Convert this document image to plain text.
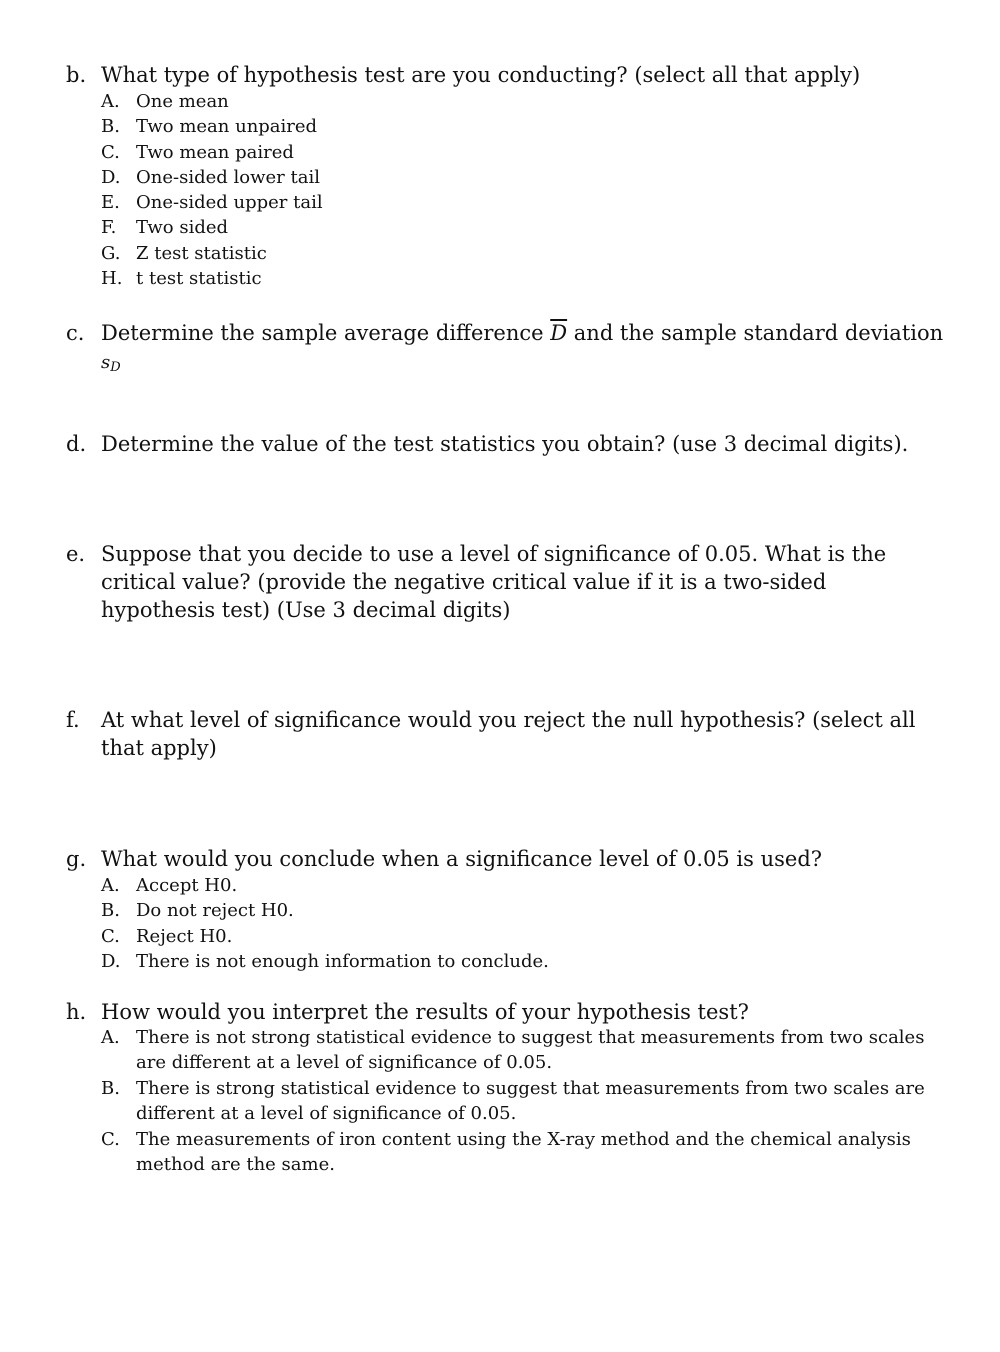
b. What type of hypothesis test are you conducting? (select all that apply)
A. One mean
B. Two mean unpaired
C. Two mean paired
D. One-sided lower tail
E. One-sided upper tail
F.	Two sided
G. Z test statistic
H. t test statistic
c. Determine the sample average difference $\overline{D}$ and the sample standard deviation $s_D$
d. Determine the value of the test statistics you obtain? (use 3 decimal digits).
e. Suppose that you decide to use a level of significance of 0.05. What is the critical value? (provide the negative critical value if it is a two-sided hypothesis test) (Use 3 decimal digits)
f.	At what level of significance would you reject the null hypothesis? (select all that apply)
g. What would you conclude when a significance level of 0.05 is used?
A. Accept H0.
B. Do not reject H0.
C. Reject H0.
D. There is not enough information to conclude.
h. How would you interpret the results of your hypothesis test?
A. There is not strong statistical evidence to suggest that measurements from two scales are different at a level of significance of 0.05.
B. There is strong statistical evidence to suggest that measurements from two scales are different at a level of significance of 0.05.
C. The measurements of iron content using the X-ray method and the chemical analysis method are the same.
